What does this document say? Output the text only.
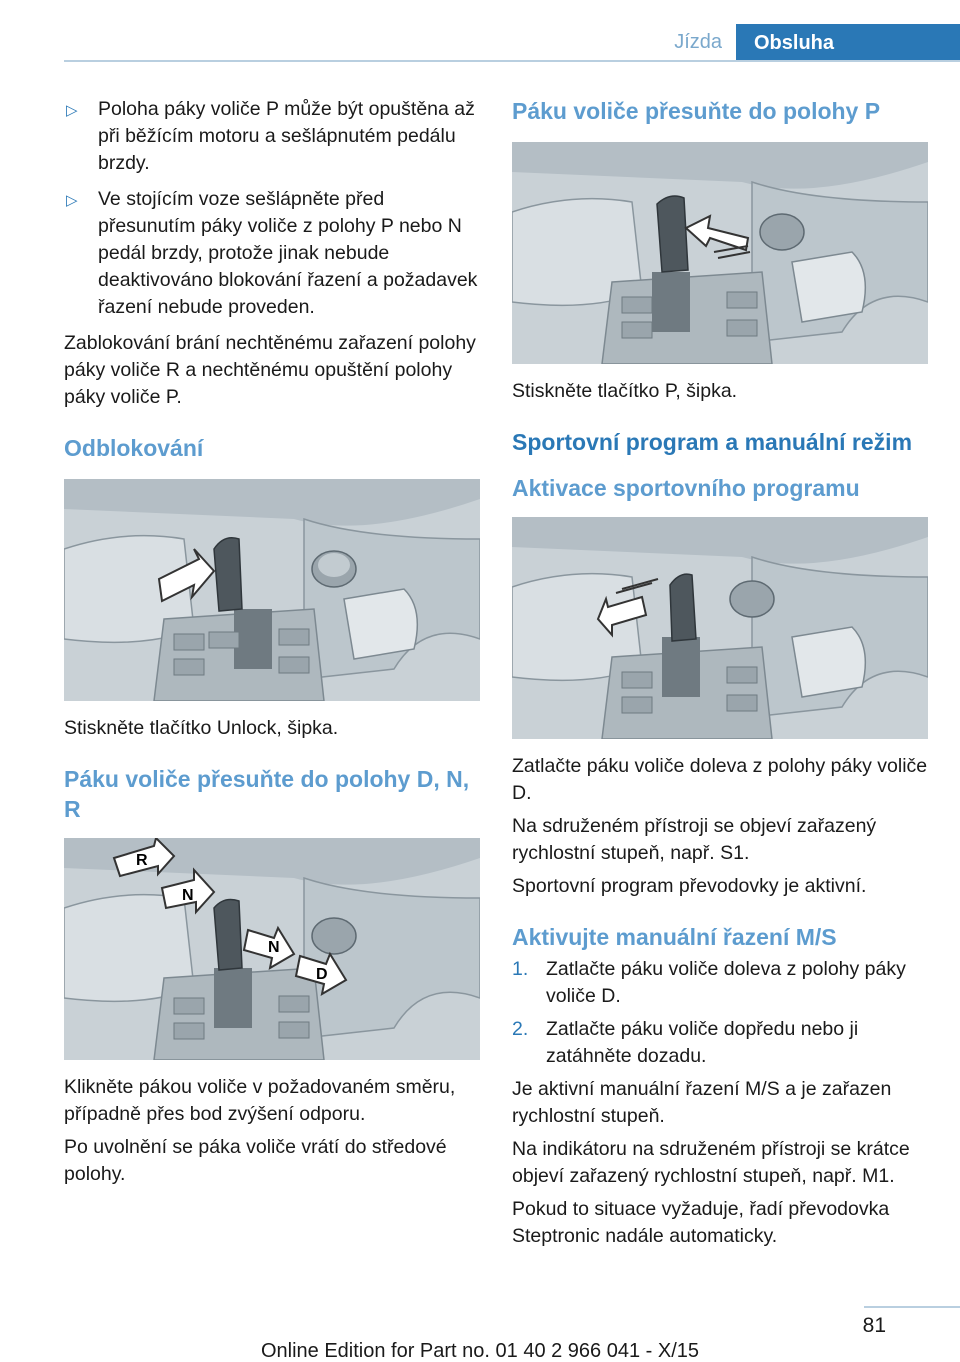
Jízda	Obsluha
▷ Poloha páky voliče P může být opuštěna až při běžícím motoru a sešlápnutém pedálu brzdy.
▷ Ve stojícím voze sešlápněte před přesunutím páky voliče z polohy P nebo N pedál brzdy, protože jinak nebude deaktivováno blokování řazení a požadavek řazení nebude proveden.

Zablokování brání nechtěnému zařazení polohy páky voliče R a nechtěnému opuštění polohy páky voliče P.

Odblokování

Stiskněte tlačítko Unlock, šipka.

Páku voliče přesuňte do polohy D, N, R
R
N
N
D

Klikněte pákou voliče v požadovaném směru, případně přes bod zvýšení odporu.

Po uvolnění se páka voliče vrátí do středové polohy.

Páku voliče přesuňte do polohy P

Stiskněte tlačítko P, šipka.

Sportovní program a manuální režim
Aktivace sportovního programu

Zatlačte páku voliče doleva z polohy páky voliče D.

Na sdruženém přístroji se objeví zařazený rychlostní stupeň, např. S1.

Sportovní program převodovky je aktivní.

Aktivujte manuální řazení M/S
1. Zatlačte páku voliče doleva z polohy páky voliče D.
2. Zatlačte páku voliče dopředu nebo ji zatáhněte dozadu.

Je aktivní manuální řazení M/S a je zařazen rychlostní stupeň.

Na indikátoru na sdruženém přístroji se krátce objeví zařazený rychlostní stupeň, např. M1.

Pokud to situace vyžaduje, řadí převodovka Steptronic nadále automaticky.

81
Online Edition for Part no. 01 40 2 966 041 - X/15
